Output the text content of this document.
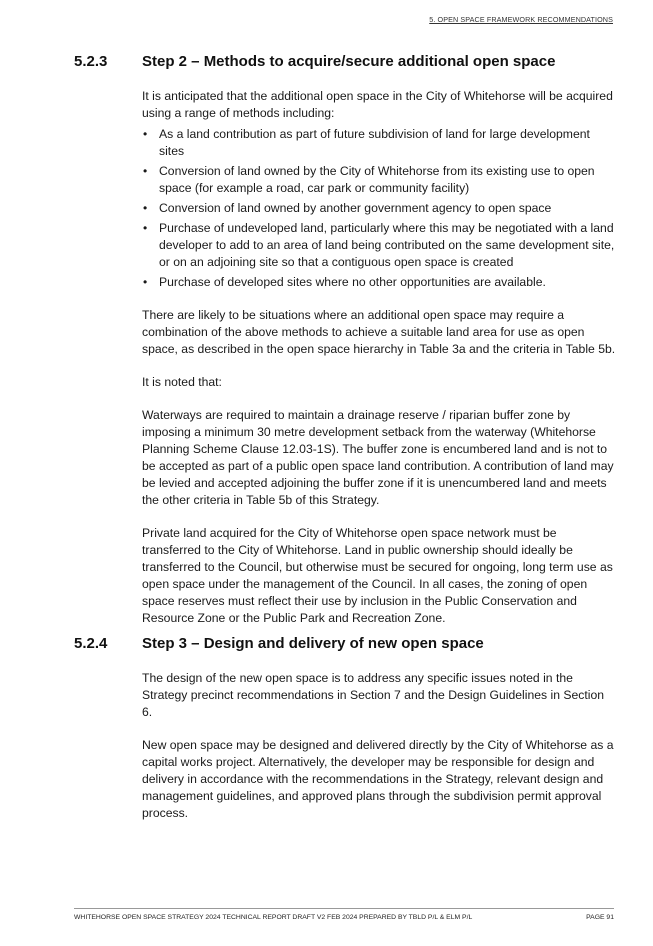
5. OPEN SPACE FRAMEWORK RECOMMENDATIONS
5.2.3 Step 2 – Methods to acquire/secure additional open space

It is anticipated that the additional open space in the City of Whitehorse will be acquired using a range of methods including:

• As a land contribution as part of future subdivision of land for large development sites
• Conversion of land owned by the City of Whitehorse from its existing use to open space (for example a road, car park or community facility)
• Conversion of land owned by another government agency to open space
• Purchase of undeveloped land, particularly where this may be negotiated with a land developer to add to an area of land being contributed on the same development site, or on an adjoining site so that a contiguous open space is created
• Purchase of developed sites where no other opportunities are available.

There are likely to be situations where an additional open space may require a combination of the above methods to achieve a suitable land area for use as open space, as described in the open space hierarchy in Table 3a and the criteria in Table 5b.

It is noted that:

Waterways are required to maintain a drainage reserve / riparian buffer zone by imposing a minimum 30 metre development setback from the waterway (Whitehorse Planning Scheme Clause 12.03-1S). The buffer zone is encumbered land and is not to be accepted as part of a public open space land contribution. A contribution of land may be levied and accepted adjoining the buffer zone if it is unencumbered land and meets the other criteria in Table 5b of this Strategy.

Private land acquired for the City of Whitehorse open space network must be transferred to the City of Whitehorse. Land in public ownership should ideally be transferred to the Council, but otherwise must be secured for ongoing, long term use as open space under the management of the Council. In all cases, the zoning of open space reserves must reflect their use by inclusion in the Public Conservation and Resource Zone or the Public Park and Recreation Zone.

5.2.4 Step 3 – Design and delivery of new open space

The design of the new open space is to address any specific issues noted in the Strategy precinct recommendations in Section 7 and the Design Guidelines in Section 6.

New open space may be designed and delivered directly by the City of Whitehorse as a capital works project. Alternatively, the developer may be responsible for design and delivery in accordance with the recommendations in the Strategy, relevant design and management guidelines, and approved plans through the subdivision permit approval process.

WHITEHORSE OPEN SPACE STRATEGY 2024 TECHNICAL REPORT DRAFT V2 FEB 2024 PREPARED BY TBLD P/L & ELM P/L	PAGE 91
